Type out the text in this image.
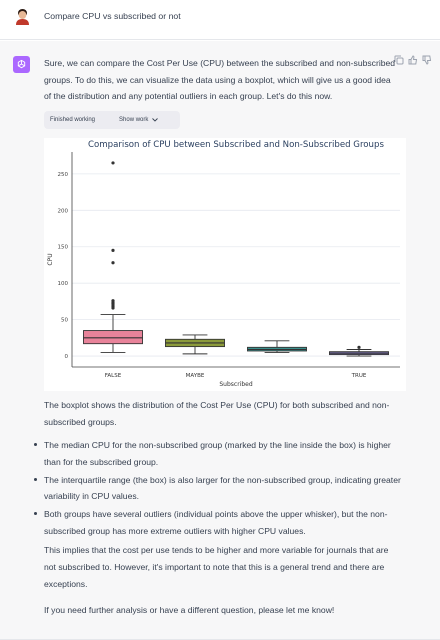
Compare CPU vs subscribed or not

Sure, we can compare the Cost Per Use (CPU) between the subscribed and non-subscribed groups. To do this, we can visualize the data using a boxplot, which will give us a good idea of the distribution and any potential outliers in each group. Let's do this now.

Finished working	Show work
Comparison of CPU between Subscribed and Non-Subscribed Groups
0
50
100
150
200
250
CPU
Subscribed
FALSE	MAYBE	TRUE
The boxplot shows the distribution of the Cost Per Use (CPU) for both subscribed and non-subscribed groups.
The median CPU for the non-subscribed group (marked by the line inside the box) is higher than for the subscribed group.
The interquartile range (the box) is also larger for the non-subscribed group, indicating greater variability in CPU values.
Both groups have several outliers (individual points above the upper whisker), but the non-subscribed group has more extreme outliers with higher CPU values.
This implies that the cost per use tends to be higher and more variable for journals that are not subscribed to. However, it's important to note that this is a general trend and there are exceptions.
If you need further analysis or have a different question, please let me know!
